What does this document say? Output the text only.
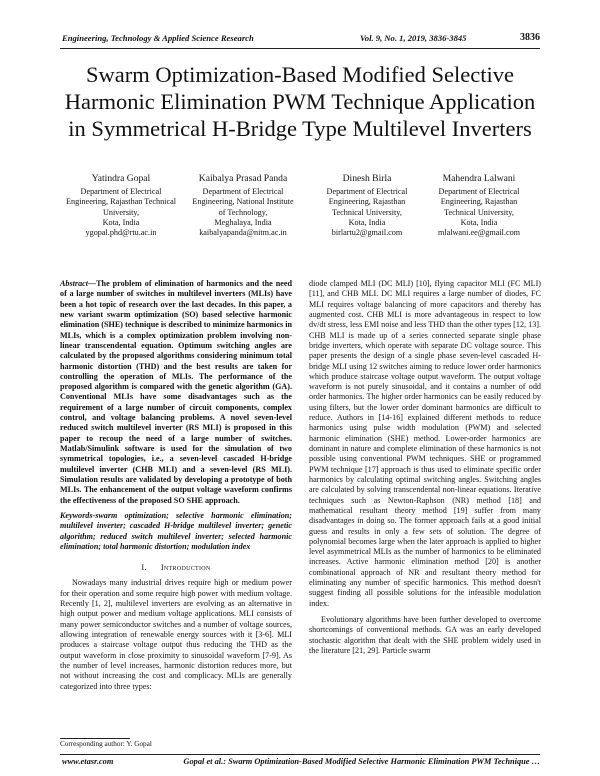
Engineering, Technology & Applied Science Research	Vol. 9, No. 1, 2019, 3836-3845	3836
Swarm Optimization-Based Modified Selective
Harmonic Elimination PWM Technique Application
in Symmetrical H-Bridge Type Multilevel Inverters
Yatindra Gopal
Department of Electrical
Engineering, Rajasthan Technical
University,
Kota, India
ygopal.phd@rtu.ac.in
Kaibalya Prasad Panda
Department of Electrical
Engineering, National Institute
of Technology,
Meghalaya, India
kaibalyapanda@nitm.ac.in
Dinesh Birla
Department of Electrical
Engineering, Rajasthan
Technical University,
Kota, India
birlartu2@gmail.com
Mahendra Lalwani
Department of Electrical
Engineering, Rajasthan
Technical University,
Kota, India
mlalwani.ee@gmail.com

Abstract—The problem of elimination of harmonics and the need of a large number of switches in multilevel inverters (MLIs) have been a hot topic of research over the last decades. In this paper, a new variant swarm optimization (SO) based selective harmonic elimination (SHE) technique is described to minimize harmonics in MLIs, which is a complex optimization problem involving non-linear transcendental equation. Optimum switching angles are calculated by the proposed algorithms considering minimum total harmonic distortion (THD) and the best results are taken for controlling the operation of MLIs. The performance of the proposed algorithm is compared with the genetic algorithm (GA). Conventional MLIs have some disadvantages such as the requirement of a large number of circuit components, complex control, and voltage balancing problems. A novel seven-level reduced switch multilevel inverter (RS MLI) is proposed in this paper to recoup the need of a large number of switches. Matlab/Simulink software is used for the simulation of two symmetrical topologies, i.e., a seven-level cascaded H-bridge multilevel inverter (CHB MLI) and a seven-level (RS MLI). Simulation results are validated by developing a prototype of both MLIs. The enhancement of the output voltage waveform confirms the effectiveness of the proposed SO SHE approach.

Keywords-swarm optimization; selective harmonic elimination; multilevel inverter; cascaded H-bridge multilevel inverter; genetic algorithm; reduced switch multilevel inverter; selected harmonic elimination; total harmonic distortion; modulation index

I. Introduction

Nowadays many industrial drives require high or medium power for their operation and some require high power with medium voltage. Recently [1, 2], multilevel inverters are evolving as an alternative in high output power and medium voltage applications. MLI consists of many power semiconductor switches and a number of voltage sources, allowing integration of renewable energy sources with it [3-6]. MLI produces a staircase voltage output thus reducing the THD as the output waveform in close proximity to sinusoidal waveform [7-9]. As the number of level increases, harmonic distortion reduces more, but not without increasing the cost and complicacy. MLIs are generally categorized into three types:

diode clamped MLI (DC MLI) [10], flying capacitor MLI (FC MLI) [11], and CHB MLI. DC MLI requires a large number of diodes, FC MLI requires voltage balancing of more capacitors and thereby has augmented cost. CHB MLI is more advantageous in respect to low dv/dt stress, less EMI noise and less THD than the other types [12, 13]. CHB MLI is made up of a series connected separate single phase bridge inverters, which operate with separate DC voltage source. This paper presents the design of a single phase seven-level cascaded H-bridge MLI using 12 switches aiming to reduce lower order harmonics which produce staircase voltage output waveform. The output voltage waveform is not purely sinusoidal, and it contains a number of odd order harmonics. The higher order harmonics can be easily reduced by using filters, but the lower order dominant harmonics are difficult to reduce. Authors in [14-16] explained different methods to reduce harmonics using pulse width modulation (PWM) and selected harmonic elimination (SHE) method. Lower-order harmonics are dominant in nature and complete elimination of these harmonics is not possible using conventional PWM techniques. SHE or programmed PWM technique [17] approach is thus used to eliminate specific order harmonics by calculating optimal switching angles. Switching angles are calculated by solving transcendental non-linear equations. Iterative techniques such as Newton-Raphson (NR) method [18] and mathematical resultant theory method [19] suffer from many disadvantages in doing so. The former approach fails at a good initial guess and results in only a few sets of solution. The degree of polynomial becomes large when the later approach is applied to higher level asymmetrical MLIs as the number of harmonics to be eliminated increases. Active harmonic elimination method [20] is another combinational approach of NR and resultant theory method for eliminating any number of specific harmonics. This method doesn't suggest finding all possible solutions for the infeasible modulation index.

Evolutionary algorithms have been further developed to overcome shortcomings of conventional methods. GA was an early developed stochastic algorithm that dealt with the SHE problem widely used in the literature [21, 29]. Particle swarm

Corresponding author: Y. Gopal
www.etasr.com	Gopal et al.: Swarm Optimization-Based Modified Selective Harmonic Elimination PWM Technique …
